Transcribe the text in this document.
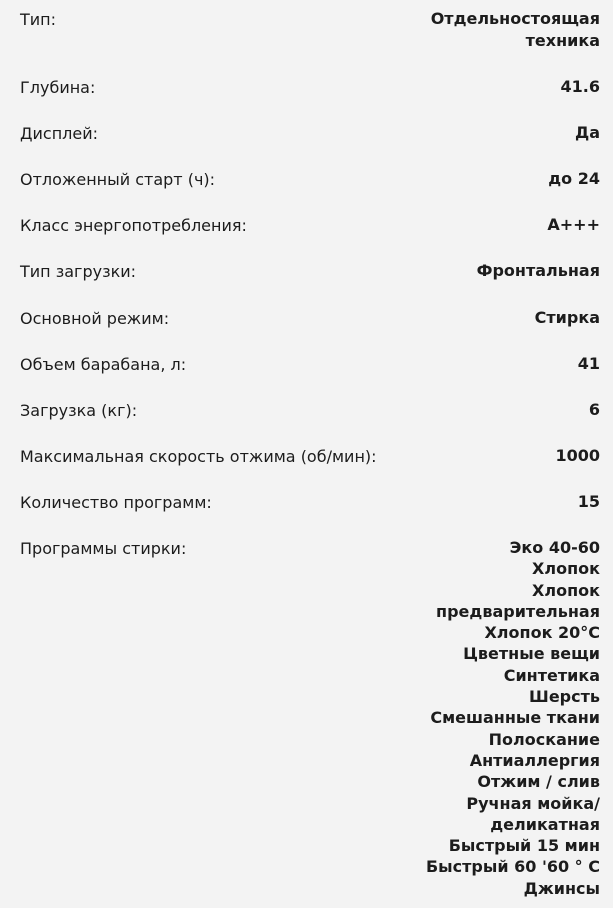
Тип:	Отдельностоящая
техника
Глубина:	41.6
Дисплей:	Да
Отложенный старт (ч):	до 24
Класс энергопотребления:	A+++
Тип загрузки:	Фронтальная
Основной режим:	Стирка
Объем барабана, л:	41
Загрузка (кг):	6
Максимальная скорость отжима (об/мин):	1000
Количество программ:	15
Программы стирки:	Эко 40-60
Хлопок
Хлопок
предварительная
Хлопок 20°С
Цветные вещи
Синтетика
Шерсть
Смешанные ткани
Полоскание
Антиаллергия
Отжим / слив
Ручная мойка/
деликатная
Быстрый 15 мин
Быстрый 60 '60 ° С
Джинсы
